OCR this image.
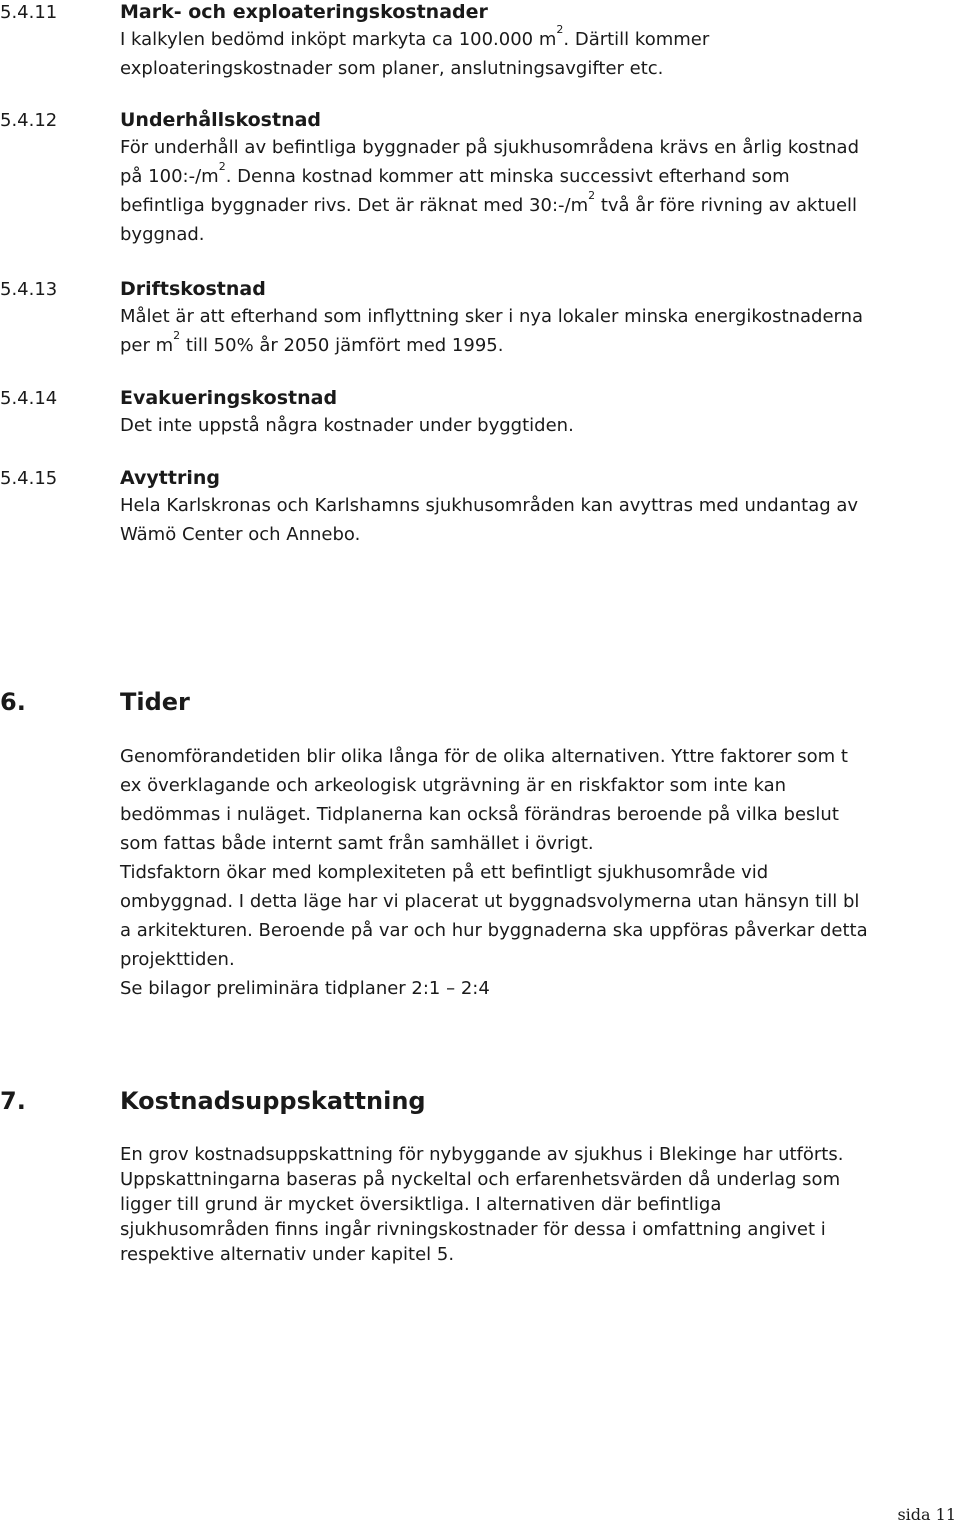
5.4.11	Mark- och exploateringskostnader
I kalkylen bedömd inköpt markyta ca 100.000 $m^2$. Därtill kommer
exploateringskostnader som planer, anslutningsavgifter etc.
5.4.12	Underhållskostnad
För underhåll av befintliga byggnader på sjukhusområdena krävs en årlig kostnad
på $100:-/m^2$. Denna kostnad kommer att minska successivt efterhand som
befintliga byggnader rivs. Det är räknat med $30:-/m^2$ två år före rivning av aktuell
byggnad.
5.4.13	Driftskostnad
Målet är att efterhand som inflyttning sker i nya lokaler minska energikostnaderna
per $m^2$ till 50% år 2050 jämfört med 1995.
5.4.14	Evakueringskostnad
Det inte uppstå några kostnader under byggtiden.
5.4.15	Avyttring
Hela Karlskronas och Karlshamns sjukhusområden kan avyttras med undantag av
Wämö Center och Annebo.
6.	Tider
Genomförandetiden blir olika långa för de olika alternativen. Yttre faktorer som t
ex överklagande och arkeologisk utgrävning är en riskfaktor som inte kan
bedömmas i nuläget. Tidplanerna kan också förändras beroende på vilka beslut
som fattas både internt samt från samhället i övrigt.
Tidsfaktorn ökar med komplexiteten på ett befintligt sjukhusområde vid
ombyggnad. I detta läge har vi placerat ut byggnadsvolymerna utan hänsyn till bl
a arkitekturen. Beroende på var och hur byggnaderna ska uppföras påverkar detta
projekttiden.
Se bilagor preliminära tidplaner 2:1 – 2:4
7.	Kostnadsuppskattning
En grov kostnadsuppskattning för nybyggande av sjukhus i Blekinge har utförts.
Uppskattningarna baseras på nyckeltal och erfarenhetsvärden då underlag som
ligger till grund är mycket översiktliga. I alternativen där befintliga
sjukhusområden finns ingår rivningskostnader för dessa i omfattning angivet i
respektive alternativ under kapitel 5.
sida 11
